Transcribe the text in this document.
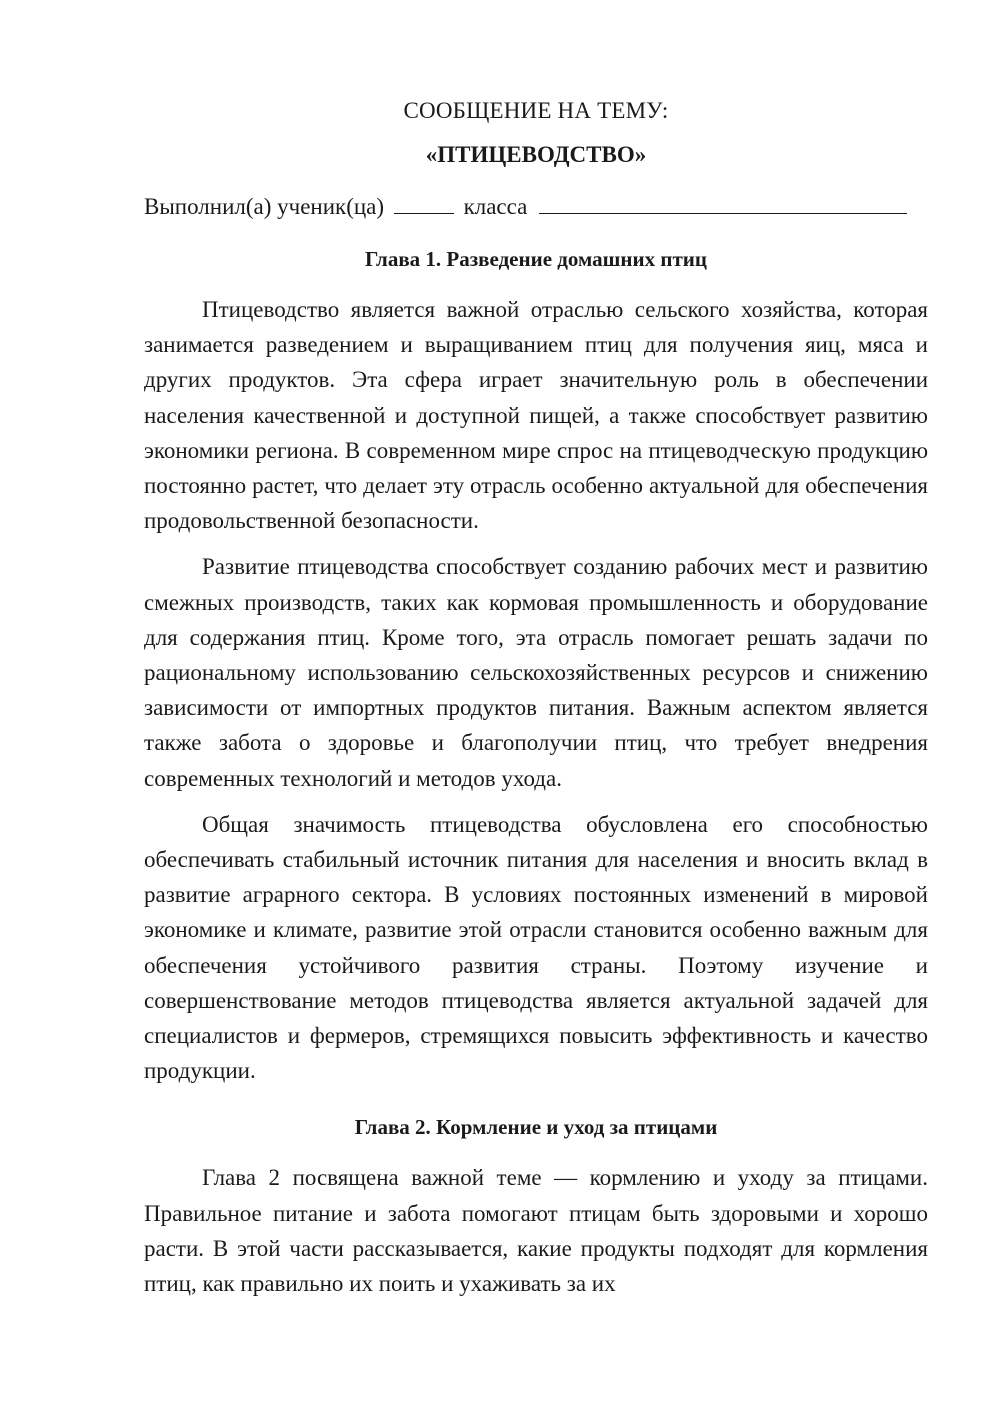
СООБЩЕНИЕ НА ТЕМУ:

«ПТИЦЕВОДСТВО»

Выполнил(а) ученик(ца)	класса
Глава 1. Разведение домашних птиц

Птицеводство является важной отраслью сельского хозяйства, которая занимается разведением и выращиванием птиц для получения яиц, мяса и других продуктов. Эта сфера играет значительную роль в обеспечении населения качественной и доступной пищей, а также способствует развитию экономики региона. В современном мире спрос на птицеводческую продукцию постоянно растет, что делает эту отрасль особенно актуальной для обеспечения продовольственной безопасности.

Развитие птицеводства способствует созданию рабочих мест и развитию смежных производств, таких как кормовая промышленность и оборудование для содержания птиц. Кроме того, эта отрасль помогает решать задачи по рациональному использованию сельскохозяйственных ресурсов и снижению зависимости от импортных продуктов питания. Важным аспектом является также забота о здоровье и благополучии птиц, что требует внедрения современных технологий и методов ухода.

Общая значимость птицеводства обусловлена его способностью обеспечивать стабильный источник питания для населения и вносить вклад в развитие аграрного сектора. В условиях постоянных изменений в мировой экономике и климате, развитие этой отрасли становится особенно важным для обеспечения устойчивого развития страны. Поэтому изучение и совершенствование методов птицеводства является актуальной задачей для специалистов и фермеров, стремящихся повысить эффективность и качество продукции.

Глава 2. Кормление и уход за птицами

Глава 2 посвящена важной теме — кормлению и уходу за птицами. Правильное питание и забота помогают птицам быть здоровыми и хорошо расти. В этой части рассказывается, какие продукты подходят для кормления птиц, как правильно их поить и ухаживать за их
